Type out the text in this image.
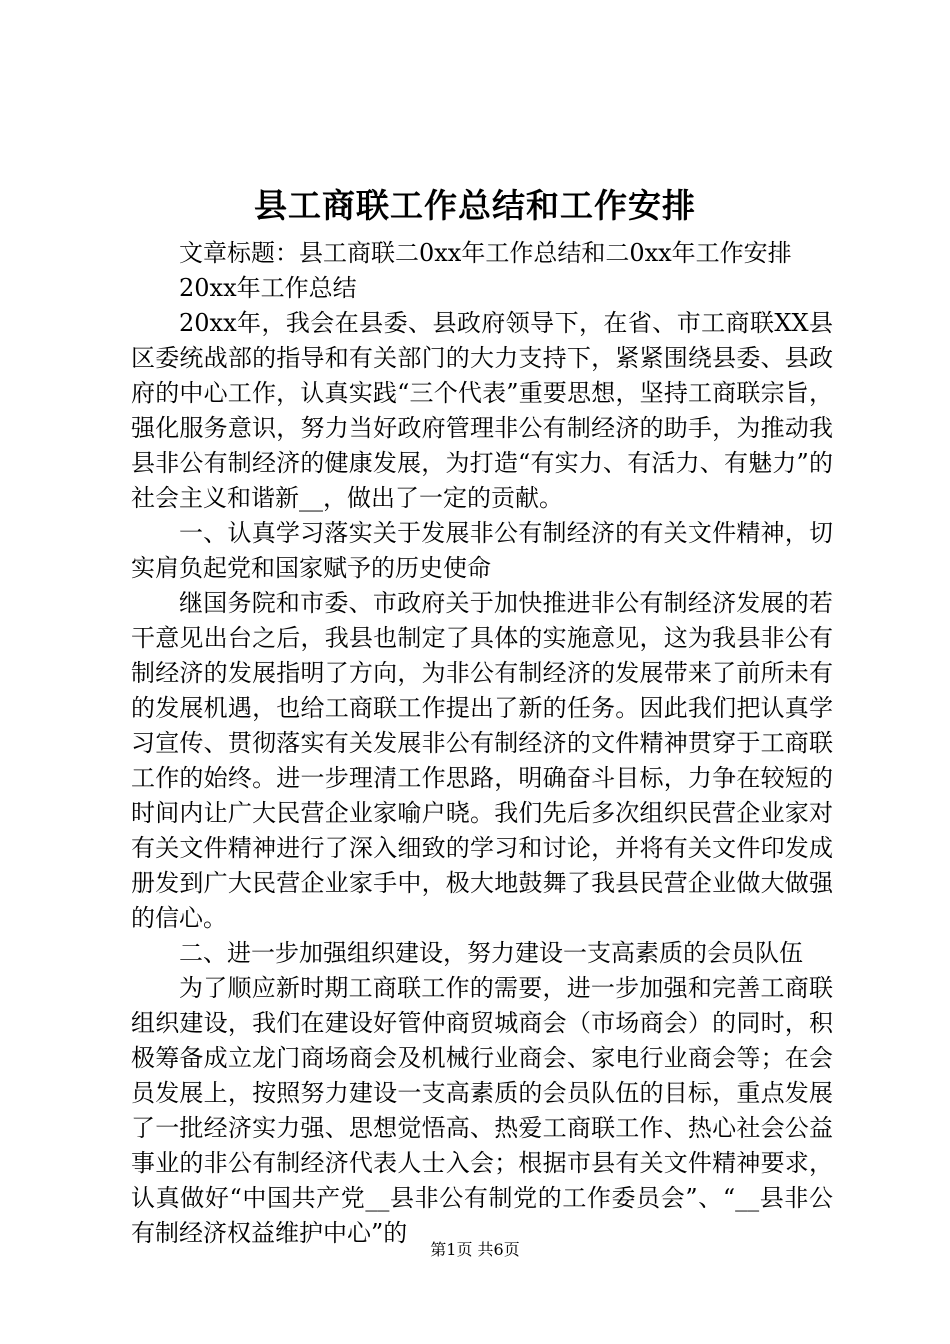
县工商联工作总结和工作安排

文章标题：县工商联二0xx年工作总结和二0xx年工作安排

20xx年工作总结

20xx年，我会在县委、县政府领导下，在省、市工商联XX县区委统战部的指导和有关部门的大力支持下，紧紧围绕县委、县政府的中心工作，认真实践“三个代表”重要思想，坚持工商联宗旨，强化服务意识，努力当好政府管理非公有制经济的助手，为推动我县非公有制经济的健康发展，为打造“有实力、有活力、有魅力”的社会主义和谐新__，做出了一定的贡献。

一、认真学习落实关于发展非公有制经济的有关文件精神，切实肩负起党和国家赋予的历史使命

继国务院和市委、市政府关于加快推进非公有制经济发展的若干意见出台之后，我县也制定了具体的实施意见，这为我县非公有制经济的发展指明了方向，为非公有制经济的发展带来了前所未有的发展机遇，也给工商联工作提出了新的任务。因此我们把认真学习宣传、贯彻落实有关发展非公有制经济的文件精神贯穿于工商联工作的始终。进一步理清工作思路，明确奋斗目标，力争在较短的时间内让广大民营企业家喻户晓。我们先后多次组织民营企业家对有关文件精神进行了深入细致的学习和讨论，并将有关文件印发成册发到广大民营企业家手中，极大地鼓舞了我县民营企业做大做强的信心。

二、进一步加强组织建设，努力建设一支高素质的会员队伍

为了顺应新时期工商联工作的需要，进一步加强和完善工商联组织建设，我们在建设好管仲商贸城商会（市场商会）的同时，积极筹备成立龙门商场商会及机械行业商会、家电行业商会等；在会员发展上，按照努力建设一支高素质的会员队伍的目标，重点发展了一批经济实力强、思想觉悟高、热爱工商联工作、热心社会公益事业的非公有制经济代表人士入会；根据市县有关文件精神要求，认真做好“中国共产党__县非公有制党的工作委员会”、“__县非公有制经济权益维护中心”的

第1页 共6页
